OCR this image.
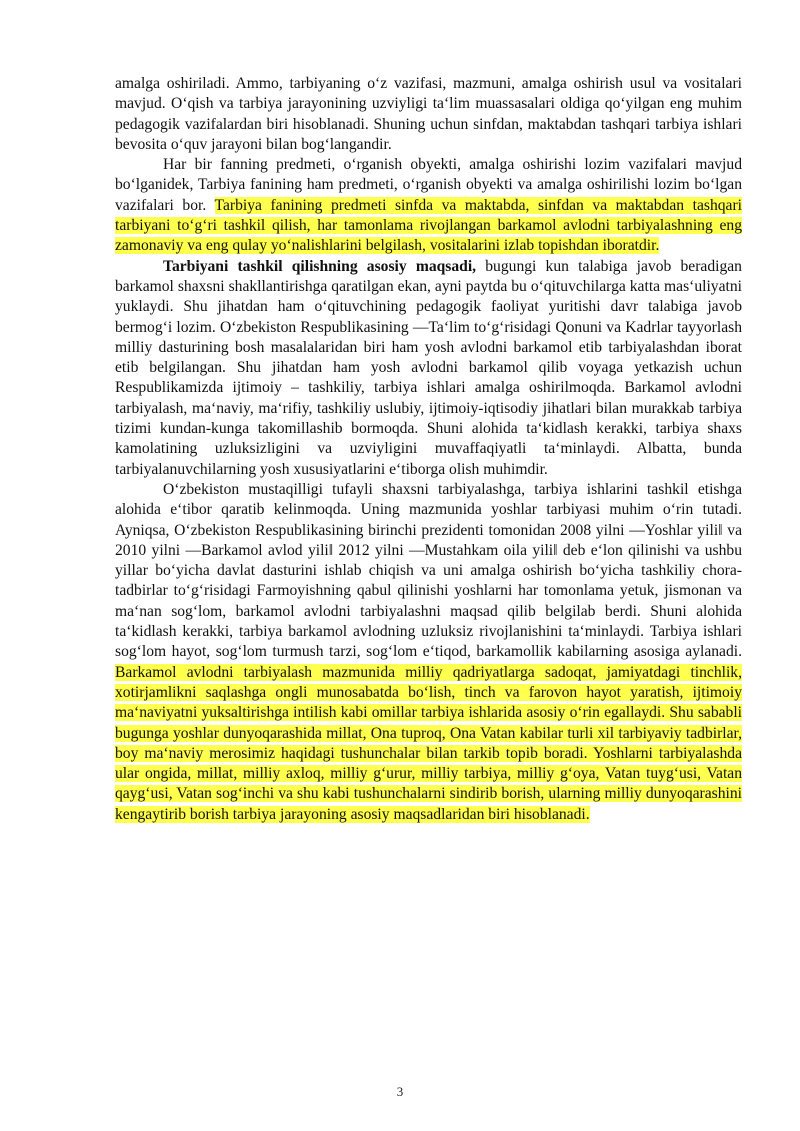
amalga oshiriladi. Ammo, tarbiyaning o‘z vazifasi, mazmuni, amalga oshirish usul va vositalari mavjud. O‘qish va tarbiya jarayonining uzviyligi ta‘lim muassasalari oldiga qo‘yilgan eng muhim pedagogik vazifalardan biri hisoblanadi. Shuning uchun sinfdan, maktabdan tashqari tarbiya ishlari bevosita o‘quv jarayoni bilan bog‘langandir.

Har bir fanning predmeti, o‘rganish obyekti, amalga oshirishi lozim vazifalari mavjud bo‘lganidek, Tarbiya fanining ham predmeti, o‘rganish obyekti va amalga oshirilishi lozim bo‘lgan vazifalari bor. Tarbiya fanining predmeti sinfda va maktabda, sinfdan va maktabdan tashqari tarbiyani to‘g‘ri tashkil qilish, har tamonlama rivojlangan barkamol avlodni tarbiyalashning eng zamonaviy va eng qulay yo‘nalishlarini belgilash, vositalarini izlab topishdan iboratdir.

Tarbiyani tashkil qilishning asosiy maqsadi, bugungi kun talabiga javob beradigan barkamol shaxsni shakllantirishga qaratilgan ekan, ayni paytda bu o‘qituvchilarga katta mas‘uliyatni yuklaydi. Shu jihatdan ham o‘qituvchining pedagogik faoliyat yuritishi davr talabiga javob bermog‘i lozim. O‘zbekiston Respublikasining ―Ta‘lim to‘g‘risidagi Qonuni va Kadrlar tayyorlash milliy dasturining bosh masalalaridan biri ham yosh avlodni barkamol etib tarbiyalashdan iborat etib belgilangan. Shu jihatdan ham yosh avlodni barkamol qilib voyaga yetkazish uchun Respublikamizda ijtimoiy – tashkiliy, tarbiya ishlari amalga oshirilmoqda. Barkamol avlodni tarbiyalash, ma‘naviy, ma‘rifiy, tashkiliy uslubiy, ijtimoiy-iqtisodiy jihatlari bilan murakkab tarbiya tizimi kundan-kunga takomillashib bormoqda. Shuni alohida ta‘kidlash kerakki, tarbiya shaxs kamolatining uzluksizligini va uzviyligini muvaffaqiyatli ta‘minlaydi. Albatta, bunda tarbiyalanuvchilarning yosh xususiyatlarini e‘tiborga olish muhimdir.

O‘zbekiston mustaqilligi tufayli shaxsni tarbiyalashga, tarbiya ishlarini tashkil etishga alohida e‘tibor qaratib kelinmoqda. Uning mazmunida yoshlar tarbiyasi muhim o‘rin tutadi. Ayniqsa, O‘zbekiston Respublikasining birinchi prezidenti tomonidan 2008 yilni ―Yoshlar yili‖ va 2010 yilni ―Barkamol avlod yili‖ 2012 yilni ―Mustahkam oila yili‖ deb e‘lon qilinishi va ushbu yillar bo‘yicha davlat dasturini ishlab chiqish va uni amalga oshirish bo‘yicha tashkiliy chora-tadbirlar to‘g‘risidagi Farmoyishning qabul qilinishi yoshlarni har tomonlama yetuk, jismonan va ma‘nan sog‘lom, barkamol avlodni tarbiyalashni maqsad qilib belgilab berdi. Shuni alohida ta‘kidlash kerakki, tarbiya barkamol avlodning uzluksiz rivojlanishini ta‘minlaydi. Tarbiya ishlari sog‘lom hayot, sog‘lom turmush tarzi, sog‘lom e‘tiqod, barkamollik kabilarning asosiga aylanadi. Barkamol avlodni tarbiyalash mazmunida milliy qadriyatlarga sadoqat, jamiyatdagi tinchlik, xotirjamlikni saqlashga ongli munosabatda bo‘lish, tinch va farovon hayot yaratish, ijtimoiy ma‘naviyatni yuksaltirishga intilish kabi omillar tarbiya ishlarida asosiy o‘rin egallaydi. Shu sababli bugunga yoshlar dunyoqarashida millat, Ona tuproq, Ona Vatan kabilar turli xil tarbiyaviy tadbirlar, boy ma‘naviy merosimiz haqidagi tushunchalar bilan tarkib topib boradi. Yoshlarni tarbiyalashda ular ongida, millat, milliy axloq, milliy g‘urur, milliy tarbiya, milliy g‘oya, Vatan tuyg‘usi, Vatan qayg‘usi, Vatan sog‘inchi va shu kabi tushunchalarni sindirib borish, ularning milliy dunyoqarashini kengaytirib borish tarbiya jarayoning asosiy maqsadlaridan biri hisoblanadi.

3
